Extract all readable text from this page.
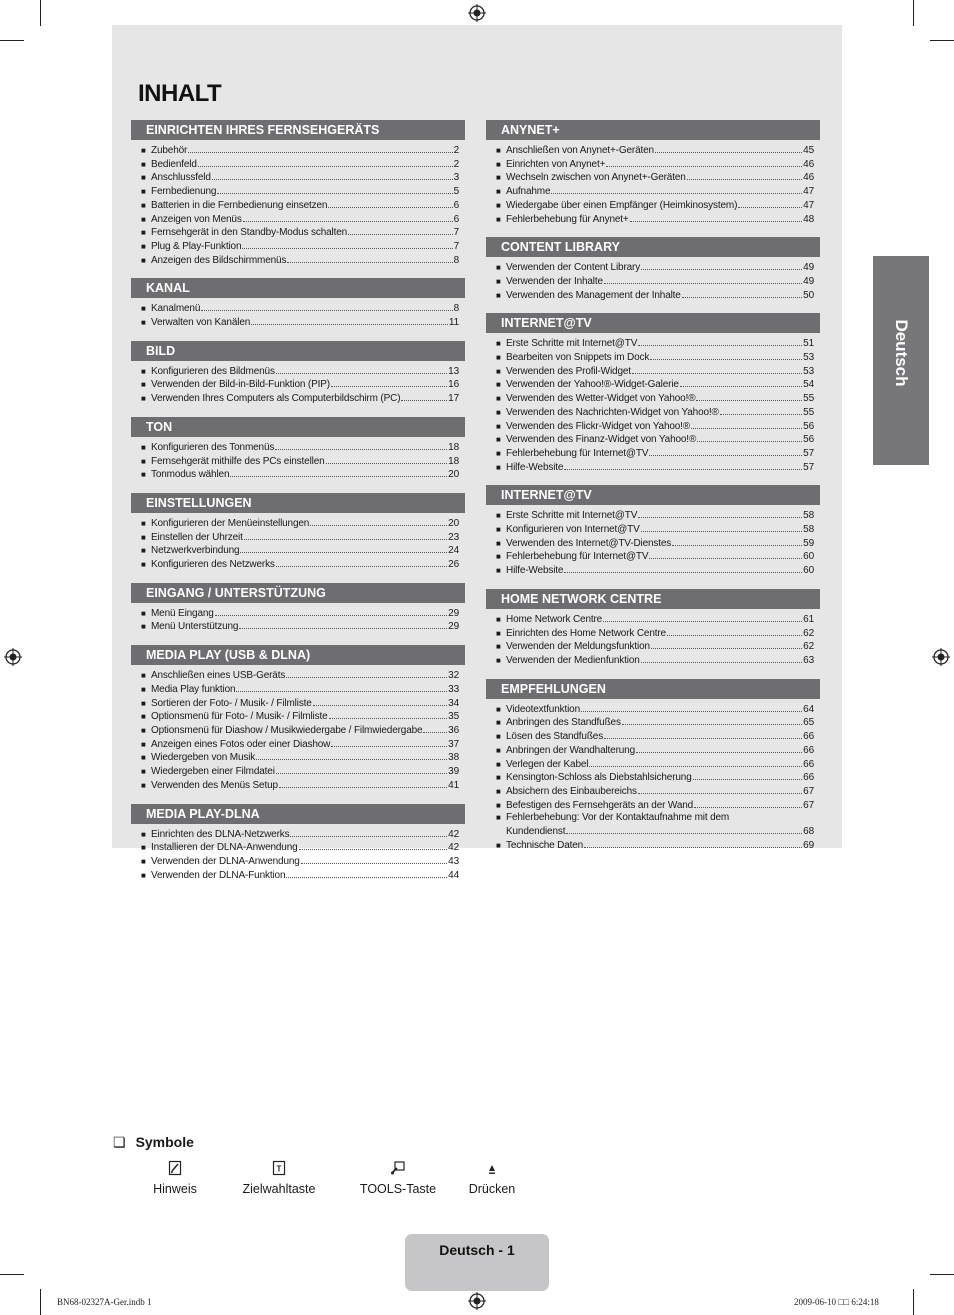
INHALT
EINRICHTEN IHRES FERNSEHGERÄTS
■ Zubehör	2
■ Bedienfeld	2
■ Anschlussfeld	3
■ Fernbedienung	5
■ Batterien in die Fernbedienung einsetzen	6
■ Anzeigen von Menüs	6
■ Fernsehgerät in den Standby-Modus schalten	7
■ Plug & Play-Funktion	7
■ Anzeigen des Bildschirmmenüs	8
KANAL
■ Kanalmenü	8
■ Verwalten von Kanälen	11
BILD
■ Konfigurieren des Bildmenüs	13
■ Verwenden der Bild-in-Bild-Funktion (PIP)	16
■ Verwenden Ihres Computers als Computerbildschirm (PC)	17
TON
■ Konfigurieren des Tonmenüs	18
■ Fernsehgerät mithilfe des PCs einstellen	18
■ Tonmodus wählen	20
EINSTELLUNGEN
■ Konfigurieren der Menüeinstellungen	20
■ Einstellen der Uhrzeit	23
■ Netzwerkverbindung	24
■ Konfigurieren des Netzwerks	26
EINGANG / UNTERSTÜTZUNG
■ Menü Eingang	29
■ Menü Unterstützung	29
MEDIA PLAY (USB & DLNA)
■ Anschließen eines USB-Geräts	32
■ Media Play funktion	33
■ Sortieren der Foto- / Musik- / Filmliste	34
■ Optionsmenü für Foto- / Musik- / Filmliste	35
■ Optionsmenü für Diashow / Musikwiedergabe / Filmwiedergabe	36
■ Anzeigen eines Fotos oder einer Diashow	37
■ Wiedergeben von Musik	38
■ Wiedergeben einer Filmdatei	39
■ Verwenden des Menüs Setup	41
MEDIA PLAY-DLNA
■ Einrichten des DLNA-Netzwerks	42
■ Installieren der DLNA-Anwendung	42
■ Verwenden der DLNA-Anwendung	43
■ Verwenden der DLNA-Funktion	44
ANYNET+
■ Anschließen von Anynet+-Geräten	45
■ Einrichten von Anynet+	46
■ Wechseln zwischen von Anynet+-Geräten	46
■ Aufnahme	47
■ Wiedergabe über einen Empfänger (Heimkinosystem)	47
■ Fehlerbehebung für Anynet+	48
CONTENT LIBRARY
■ Verwenden der Content Library	49
■ Verwenden der Inhalte	49
■ Verwenden des Management der Inhalte	50
INTERNET@TV
■ Erste Schritte mit Internet@TV	51
■ Bearbeiten von Snippets im Dock	53
■ Verwenden des Profil-Widget	53
■ Verwenden der Yahoo!®-Widget-Galerie	54
■ Verwenden des Wetter-Widget von Yahoo!®	55
■ Verwenden des Nachrichten-Widget von Yahoo!®	55
■ Verwenden des Flickr-Widget von Yahoo!®	56
■ Verwenden des Finanz-Widget von Yahoo!®	56
■ Fehlerbehebung für Internet@TV	57
■ Hilfe-Website	57
INTERNET@TV
■ Erste Schritte mit Internet@TV	58
■ Konfigurieren von Internet@TV	58
■ Verwenden des Internet@TV-Dienstes	59
■ Fehlerbehebung für Internet@TV	60
■ Hilfe-Website	60
HOME NETWORK CENTRE
■ Home Network Centre	61
■ Einrichten des Home Network Centre	62
■ Verwenden der Meldungsfunktion	62
■ Verwenden der Medienfunktion	63
EMPFEHLUNGEN
■ Videotextfunktion	64
■ Anbringen des Standfußes	65
■ Lösen des Standfußes	66
■ Anbringen der Wandhalterung	66
■ Verlegen der Kabel	66
■ Kensington-Schloss als Diebstahlsicherung	66
■ Absichern des Einbaubereichs	67
■ Befestigen des Fernsehgeräts an der Wand	67
■ Fehlerbehebung: Vor der Kontaktaufnahme mit dem
Kundendienst	68
■ Technische Daten	69
Deutsch
❏ Symbole
Hinweis
T
Zielwahltaste	TOOLS-Taste	Drücken
Deutsch - 1
BN68-02327A-Ger.indb 1	2009-06-10 □□ 6:24:18
